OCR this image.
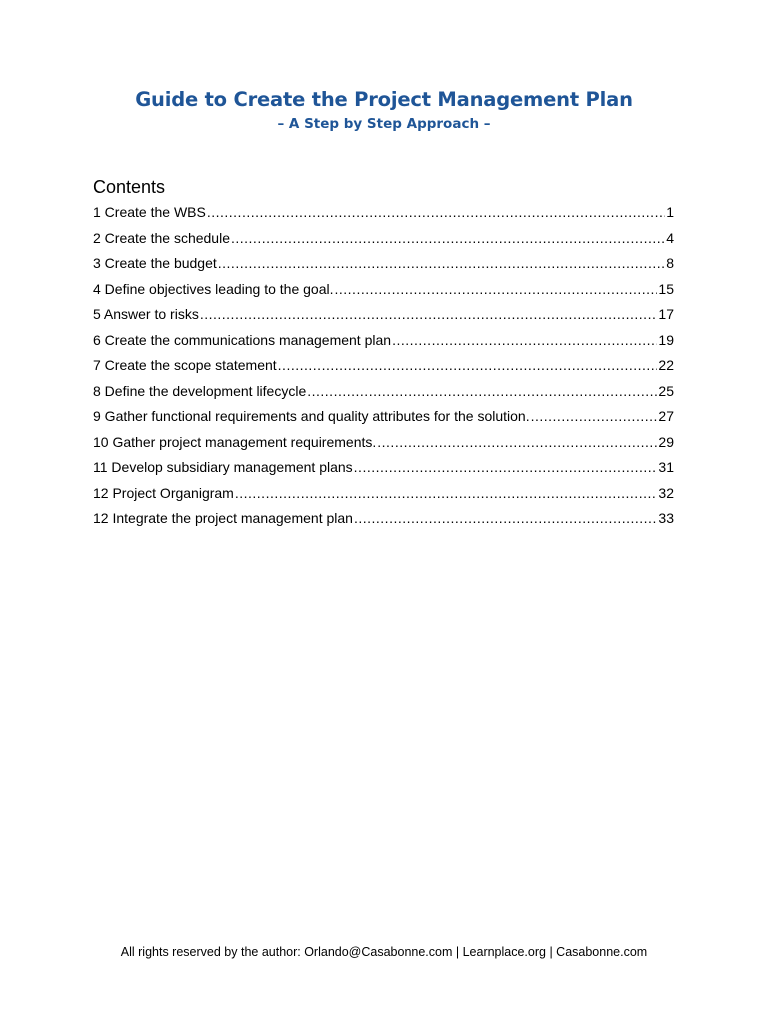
Guide to Create the Project Management Plan
– A Step by Step Approach –
Contents
1 Create the WBS .....	1
2 Create the schedule .....	4
3 Create the budget .....	8
4 Define objectives leading to the goal. .....	15
5 Answer to risks .....	17
6 Create the communications management plan .....	19
7 Create the scope statement .....	22
8 Define the development lifecycle .....	25
9 Gather functional requirements and quality attributes for the solution. .....	27
10 Gather project management requirements. .....	29
11 Develop subsidiary management plans .....	31
12 Project Organigram .....	32
12 Integrate the project management plan .....	33
All rights reserved by the author: Orlando@Casabonne.com | Learnplace.org | Casabonne.com
